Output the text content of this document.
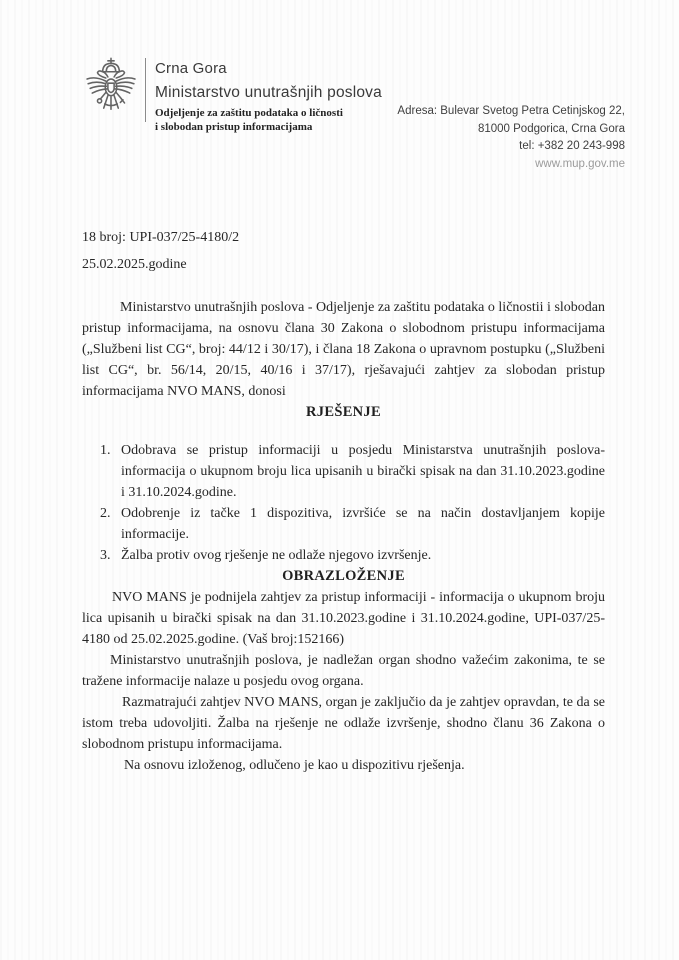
Crna Gora

Ministarstvo unutrašnjih poslova

Odjeljenje za zaštitu podataka o ličnosti

i slobodan pristup informacijama

Adresa: Bulevar Svetog Petra Cetinjskog 22,
81000 Podgorica, Crna Gora
tel: +382 20 243-998
www.mup.gov.me

18 broj: UPI-037/25-4180/2

25.02.2025.godine

Ministarstvo unutrašnjih poslova - Odjeljenje za zaštitu podataka o ličnostii i slobodan pristup informacijama, na osnovu člana 30 Zakona o slobodnom pristupu informacijama („Službeni list CG“, broj: 44/12 i 30/17), i člana 18 Zakona o upravnom postupku („Službeni list CG“, br. 56/14, 20/15, 40/16 i 37/17), rješavajući zahtjev za slobodan pristup informacijama NVO MANS, donosi

RJEŠENJE

1. Odobrava se pristup informaciji u posjedu Ministarstva unutrašnjih poslova- informacija o ukupnom broju lica upisanih u birački spisak na dan 31.10.2023.godine i 31.10.2024.godine.
2. Odobrenje iz tačke 1 dispozitiva, izvršiće se na način dostavljanjem kopije informacije.
3. Žalba protiv ovog rješenje ne odlaže njegovo izvršenje.

OBRAZLOŽENJE

NVO MANS je podnijela zahtjev za pristup informaciji - informacija o ukupnom broju lica upisanih u birački spisak na dan 31.10.2023.godine i 31.10.2024.godine, UPI-037/25-4180 od 25.02.2025.godine. (Vaš broj:152166)

Ministarstvo unutrašnjih poslova, je nadležan organ shodno važećim zakonima, te se tražene informacije nalaze u posjedu ovog organa.

Razmatrajući zahtjev NVO MANS, organ je zaključio da je zahtjev opravdan, te da se istom treba udovoljiti. Žalba na rješenje ne odlaže izvršenje, shodno članu 36 Zakona o slobodnom pristupu informacijama.

Na osnovu izloženog, odlučeno je kao u dispozitivu rješenja.
